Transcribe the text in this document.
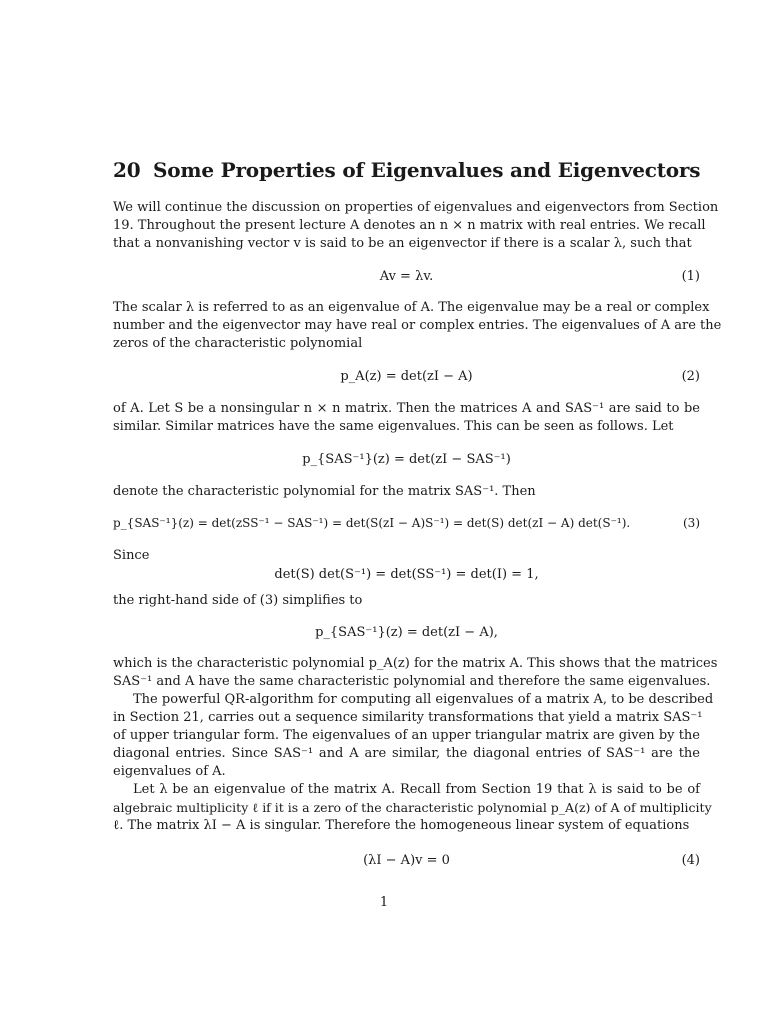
20 Some Properties of Eigenvalues and Eigenvectors

We will continue the discussion on properties of eigenvalues and eigenvectors from Section

19. Throughout the present lecture A denotes an n × n matrix with real entries. We recall

that a nonvanishing vector v is said to be an eigenvector if there is a scalar λ, such that

Av = λv.	(1)

The scalar λ is referred to as an eigenvalue of A. The eigenvalue may be a real or complex

number and the eigenvector may have real or complex entries. The eigenvalues of A are the

zeros of the characteristic polynomial

p_A(z) = det(zI − A)	(2)

of A. Let S be a nonsingular n × n matrix. Then the matrices A and SAS⁻¹ are said to be

similar. Similar matrices have the same eigenvalues. This can be seen as follows. Let

p_{SAS⁻¹}(z) = det(zI − SAS⁻¹)

denote the characteristic polynomial for the matrix SAS⁻¹. Then

p_{SAS⁻¹}(z) = det(zSS⁻¹ − SAS⁻¹) = det(S(zI − A)S⁻¹) = det(S) det(zI − A) det(S⁻¹).	(3)

Since

det(S) det(S⁻¹) = det(SS⁻¹) = det(I) = 1,

the right-hand side of (3) simplifies to

p_{SAS⁻¹}(z) = det(zI − A),

which is the characteristic polynomial p_A(z) for the matrix A. This shows that the matrices

SAS⁻¹ and A have the same characteristic polynomial and therefore the same eigenvalues.

The powerful QR-algorithm for computing all eigenvalues of a matrix A, to be described

in Section 21, carries out a sequence similarity transformations that yield a matrix SAS⁻¹

of upper triangular form. The eigenvalues of an upper triangular matrix are given by the

diagonal entries. Since SAS⁻¹ and A are similar, the diagonal entries of SAS⁻¹ are the

eigenvalues of A.

Let λ be an eigenvalue of the matrix A. Recall from Section 19 that λ is said to be of

algebraic multiplicity ℓ if it is a zero of the characteristic polynomial p_A(z) of A of multiplicity

ℓ. The matrix λI − A is singular. Therefore the homogeneous linear system of equations

(λI − A)v = 0	(4)
1
